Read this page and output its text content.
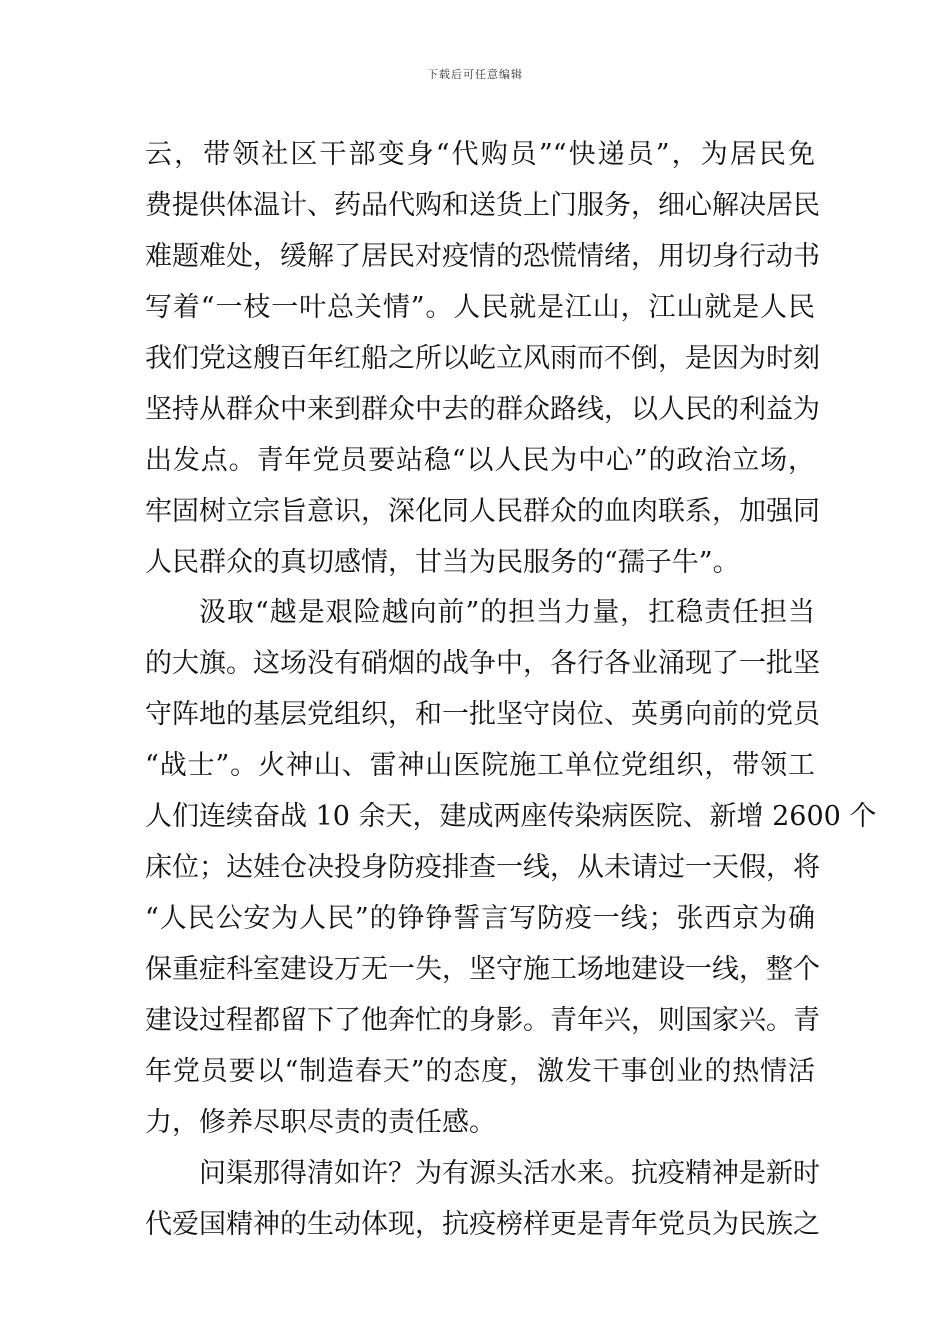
下载后可任意编辑
云，带领社区干部变身“代购员”“快递员”，为居民免
费提供体温计、药品代购和送货上门服务，细心解决居民
难题难处，缓解了居民对疫情的恐慌情绪，用切身行动书
写着“一枝一叶总关情”。人民就是江山，江山就是人民
我们党这艘百年红船之所以屹立风雨而不倒，是因为时刻
坚持从群众中来到群众中去的群众路线，以人民的利益为
出发点。青年党员要站稳“以人民为中心”的政治立场，
牢固树立宗旨意识，深化同人民群众的血肉联系，加强同
人民群众的真切感情，甘当为民服务的“孺子牛”。
汲取“越是艰险越向前”的担当力量，扛稳责任担当
的大旗。这场没有硝烟的战争中，各行各业涌现了一批坚
守阵地的基层党组织，和一批坚守岗位、英勇向前的党员
“战士”。火神山、雷神山医院施工单位党组织，带领工
人们连续奋战 10 余天，建成两座传染病医院、新增 2600 个
床位；达娃仓决投身防疫排查一线，从未请过一天假，将
“人民公安为人民”的铮铮誓言写防疫一线；张西京为确
保重症科室建设万无一失，坚守施工场地建设一线，整个
建设过程都留下了他奔忙的身影。青年兴，则国家兴。青
年党员要以“制造春天”的态度，激发干事创业的热情活
力，修养尽职尽责的责任感。
问渠那得清如许？为有源头活水来。抗疫精神是新时
代爱国精神的生动体现，抗疫榜样更是青年党员为民族之
